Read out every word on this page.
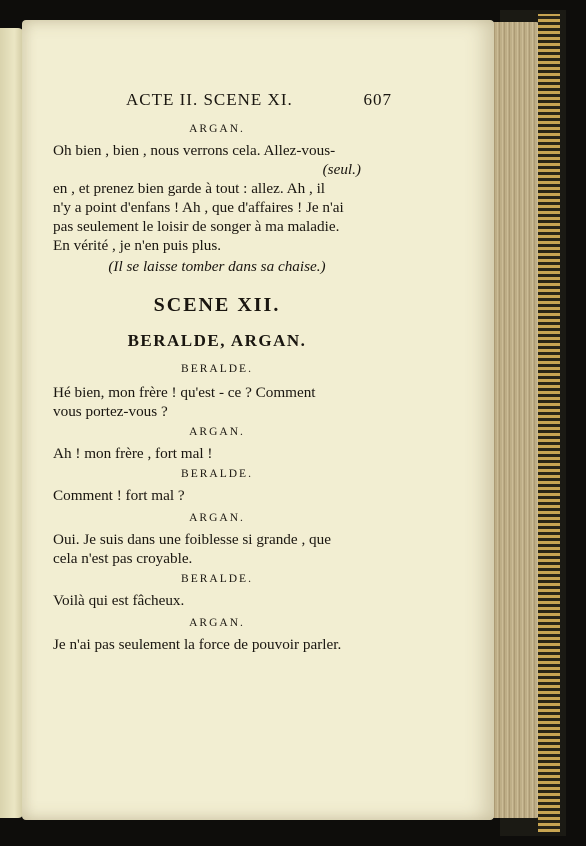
ACTE II. SCENE XI.	607

ARGAN.

Oh bien , bien , nous verrons cela. Allez-vous-

(seul.)

en , et prenez bien garde à tout : allez. Ah , il

n'y a point d'enfans ! Ah , que d'affaires ! Je n'ai

pas seulement le loisir de songer à ma maladie.

En vérité , je n'en puis plus.

(Il se laisse tomber dans sa chaise.)

SCENE XII.

BERALDE, ARGAN.

BERALDE.

Hé bien, mon frère ! qu'est - ce ? Comment

vous portez-vous ?

ARGAN.

Ah ! mon frère , fort mal !

BERALDE.

Comment ! fort mal ?

ARGAN.

Oui. Je suis dans une foiblesse si grande , que

cela n'est pas croyable.

BERALDE.

Voilà qui est fâcheux.

ARGAN.

Je n'ai pas seulement la force de pouvoir parler.
